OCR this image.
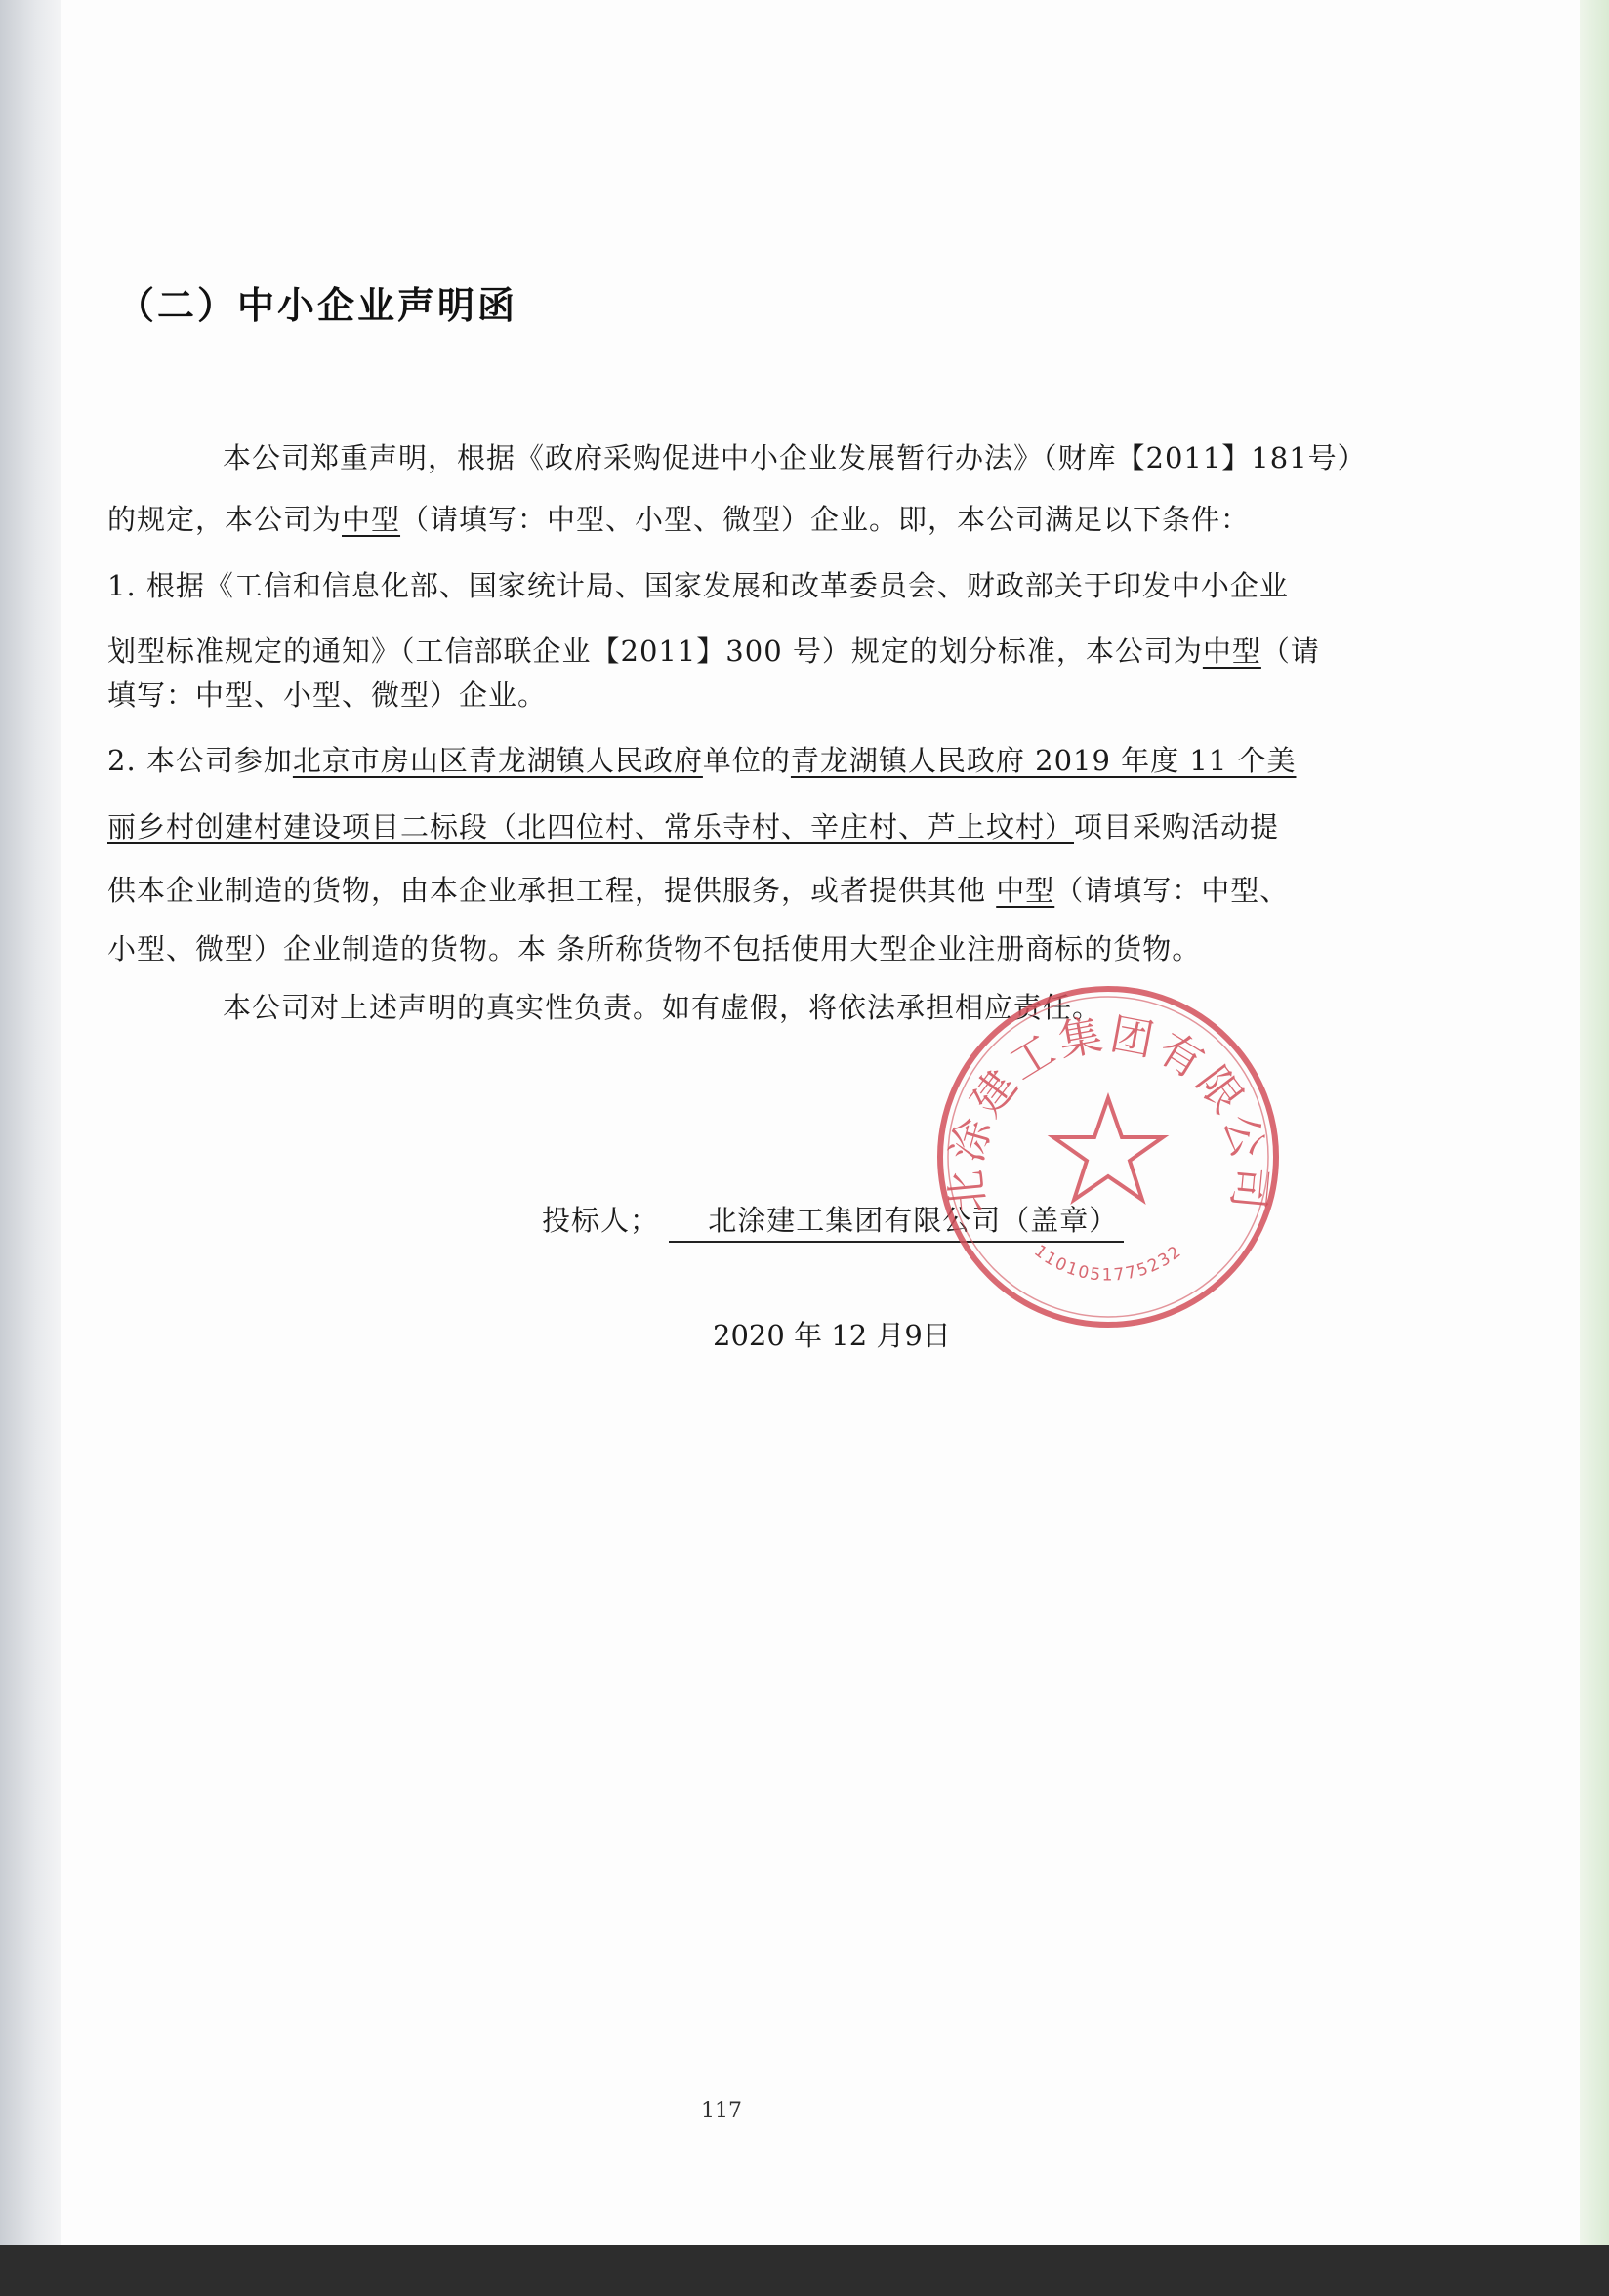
（二）中小企业声明函
本公司郑重声明，根据《政府采购促进中小企业发展暂行办法》（财库【2011】181号）
的规定，本公司为中型（请填写：中型、小型、微型）企业。即，本公司满足以下条件：
1. 根据《工信和信息化部、国家统计局、国家发展和改革委员会、财政部关于印发中小企业
划型标准规定的通知》（工信部联企业【2011】300 号）规定的划分标准，本公司为中型（请
填写：中型、小型、微型）企业。
2. 本公司参加北京市房山区青龙湖镇人民政府单位的青龙湖镇人民政府 2019 年度 11 个美
丽乡村创建村建设项目二标段（北四位村、常乐寺村、辛庄村、芦上坟村）项目采购活动提
供本企业制造的货物，由本企业承担工程，提供服务，或者提供其他 中型（请填写：中型、
小型、微型）企业制造的货物。本 条所称货物不包括使用大型企业注册商标的货物。
本公司对上述声明的真实性负责。如有虚假，将依法承担相应责任。
投标人； 北涂建工集团有限公司（盖章）
2020 年 12 月9日
北涂建工集团有限公司
1101051775232
117
